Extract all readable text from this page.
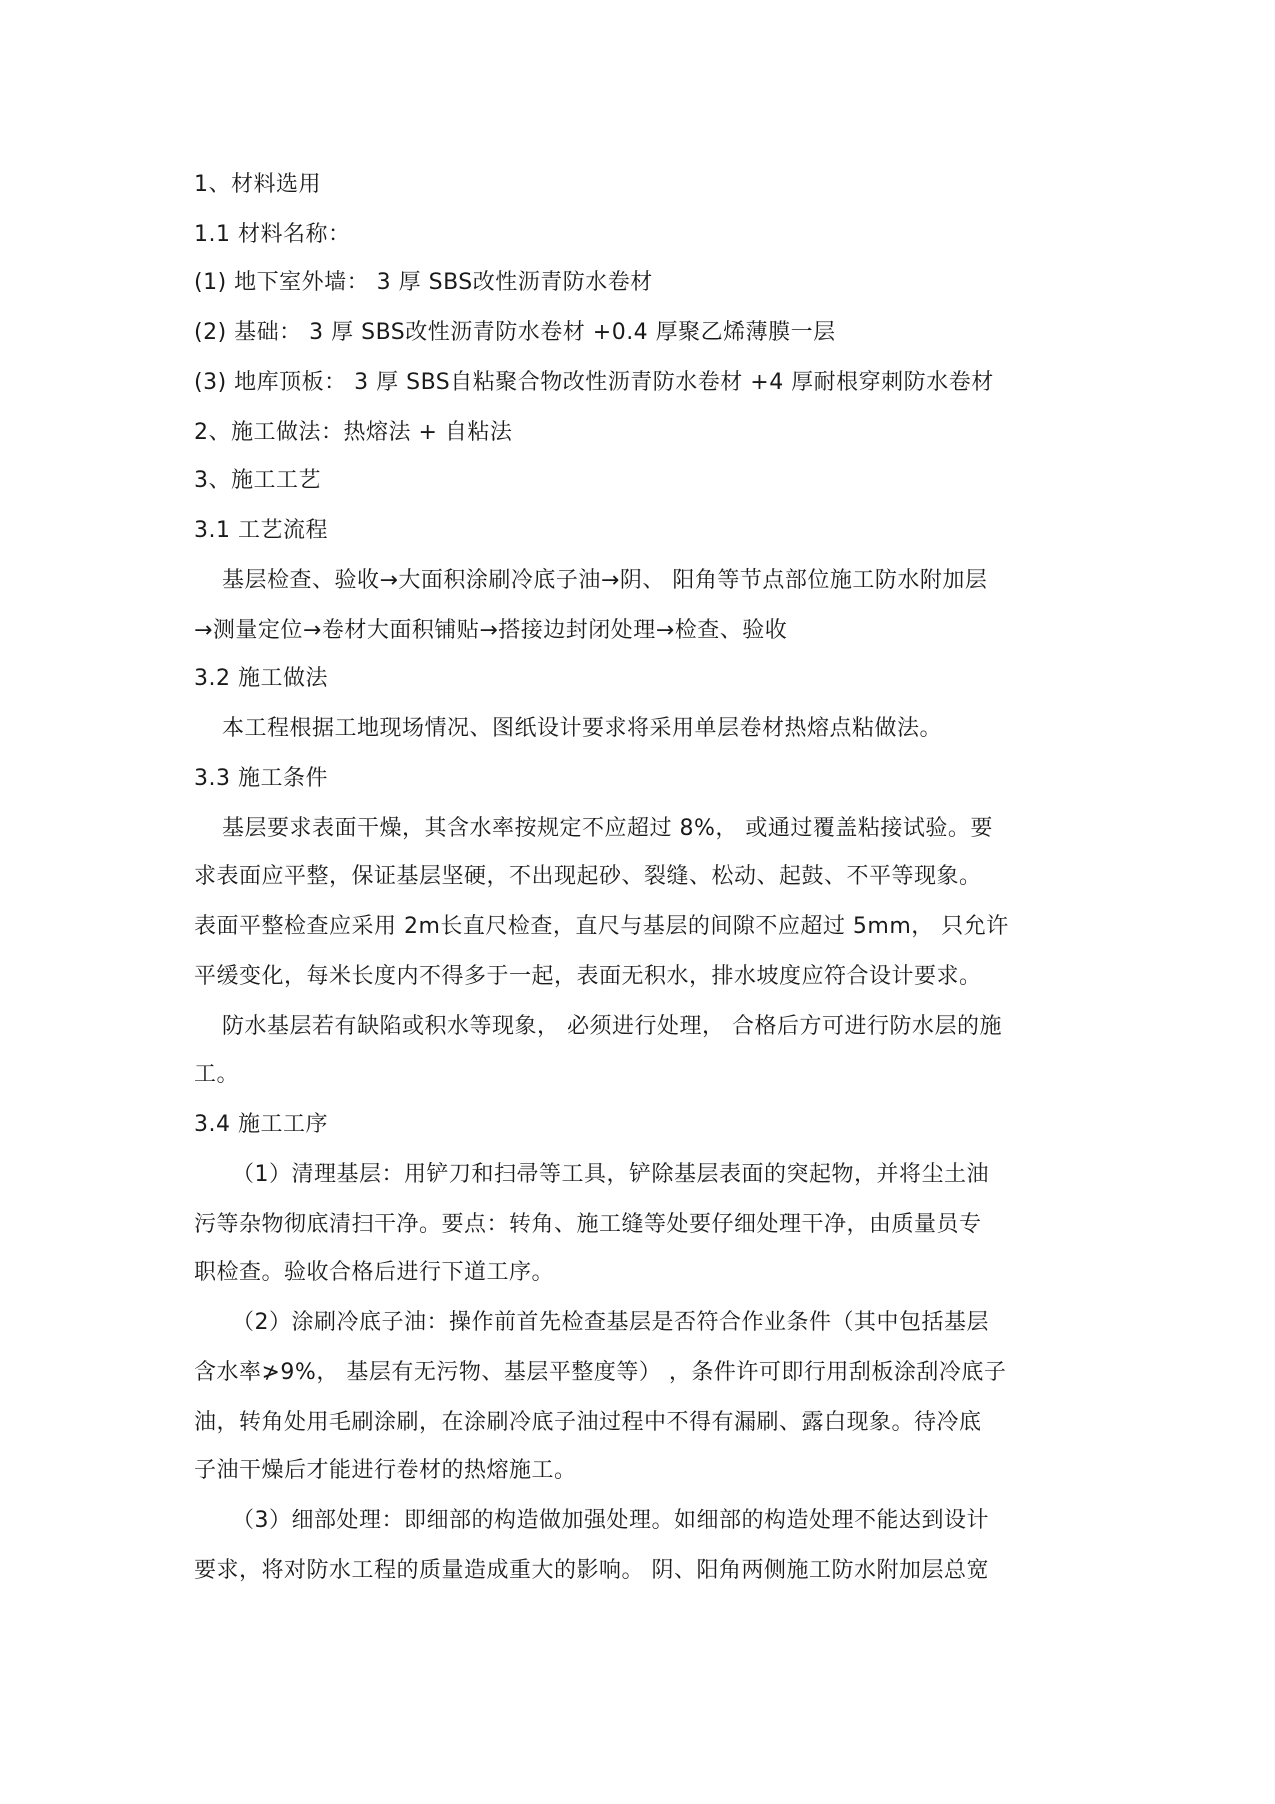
1、材料选用
1.1 材料名称：
(1) 地下室外墙： 3 厚 SBS改性沥青防水卷材
(2) 基础： 3 厚 SBS改性沥青防水卷材 +0.4 厚聚乙烯薄膜一层
(3) 地库顶板： 3 厚 SBS自粘聚合物改性沥青防水卷材 +4 厚耐根穿刺防水卷材
2、施工做法：热熔法 + 自粘法
3、施工工艺
3.1 工艺流程
基层检查、验收→大面积涂刷冷底子油→阴、 阳角等节点部位施工防水附加层
→测量定位→卷材大面积铺贴→搭接边封闭处理→检查、验收
3.2 施工做法
本工程根据工地现场情况、图纸设计要求将采用单层卷材热熔点粘做法。
3.3 施工条件
基层要求表面干燥，其含水率按规定不应超过 8%， 或通过覆盖粘接试验。要
求表面应平整，保证基层坚硬，不出现起砂、裂缝、松动、起鼓、不平等现象。
表面平整检查应采用 2m长直尺检查，直尺与基层的间隙不应超过 5mm， 只允许
平缓变化，每米长度内不得多于一起，表面无积水，排水坡度应符合设计要求。
防水基层若有缺陷或积水等现象， 必须进行处理， 合格后方可进行防水层的施
工。
3.4 施工工序
（1）清理基层：用铲刀和扫帚等工具，铲除基层表面的突起物，并将尘土油
污等杂物彻底清扫干净。要点：转角、施工缝等处要仔细处理干净，由质量员专
职检查。验收合格后进行下道工序。
（2）涂刷冷底子油：操作前首先检查基层是否符合作业条件（其中包括基层
含水率≯9%， 基层有无污物、基层平整度等） ，条件许可即行用刮板涂刮冷底子
油，转角处用毛刷涂刷，在涂刷冷底子油过程中不得有漏刷、露白现象。待冷底
子油干燥后才能进行卷材的热熔施工。
（3）细部处理：即细部的构造做加强处理。如细部的构造处理不能达到设计
要求，将对防水工程的质量造成重大的影响。 阴、阳角两侧施工防水附加层总宽
